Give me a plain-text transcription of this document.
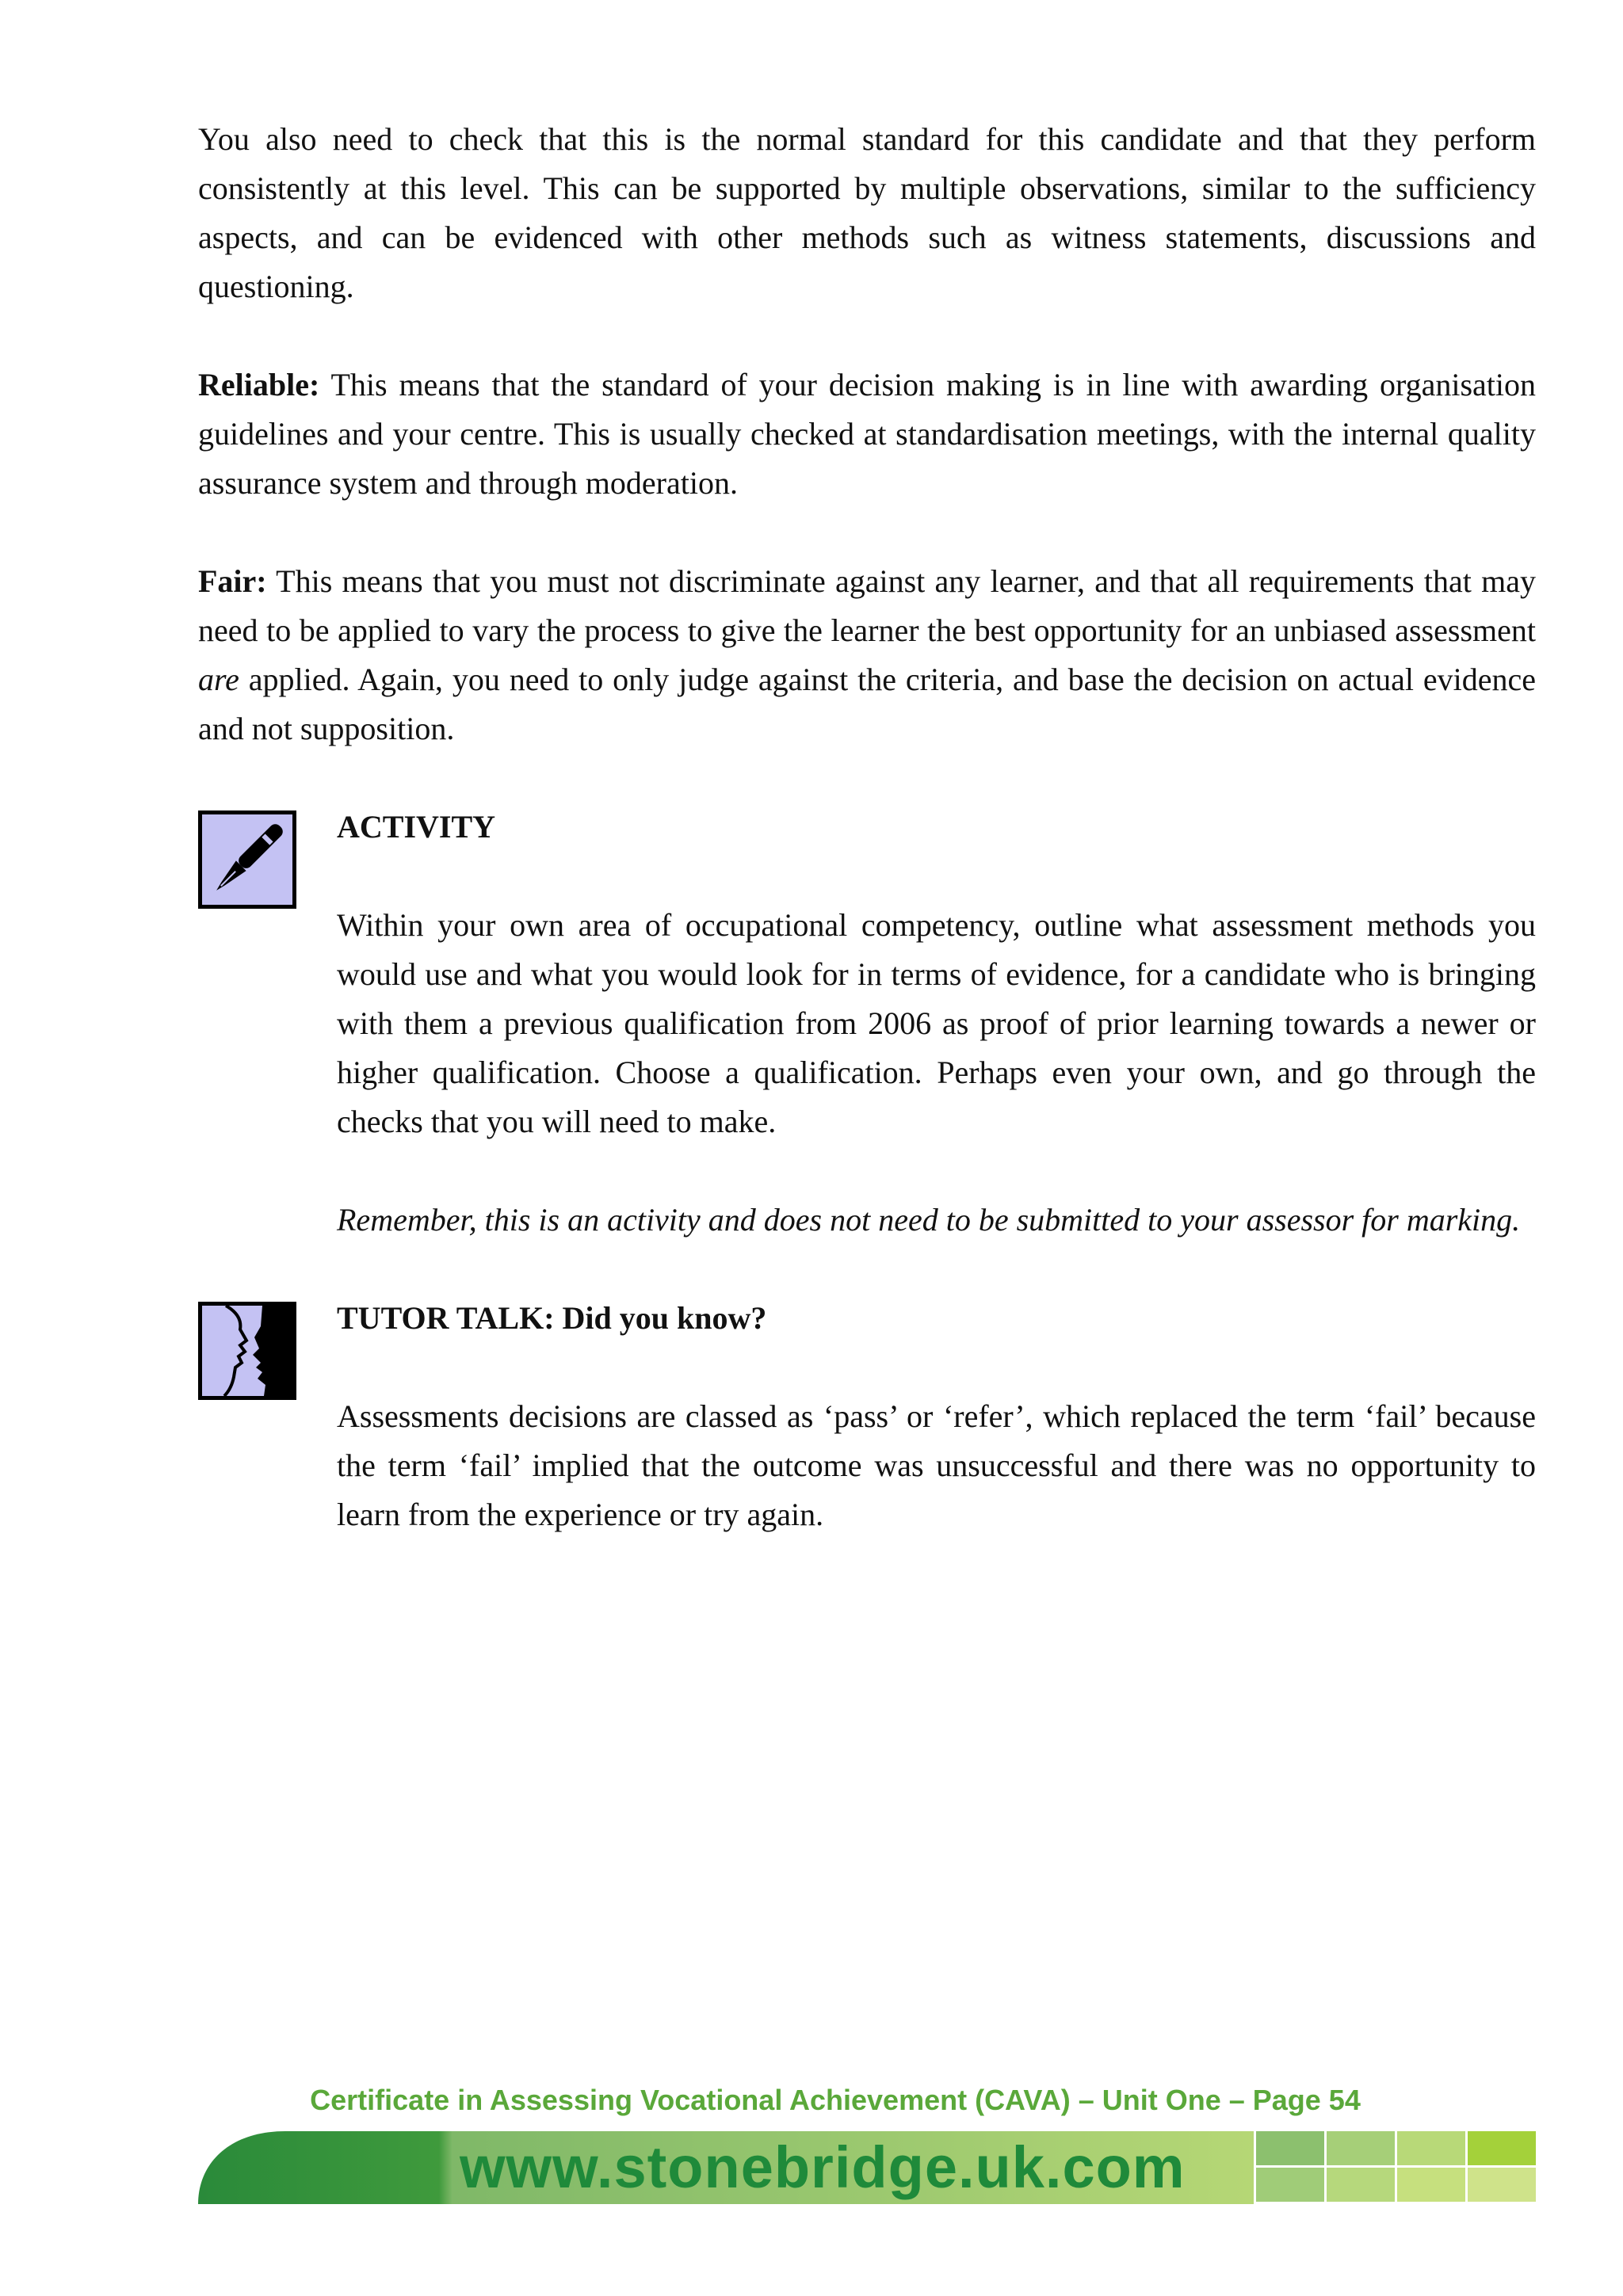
You also need to check that this is the normal standard for this candidate and that they perform consistently at this level. This can be supported by multiple observations, similar to the sufficiency aspects, and can be evidenced with other methods such as witness statements, discussions and questioning.

Reliable: This means that the standard of your decision making is in line with awarding organisation guidelines and your centre. This is usually checked at standardisation meetings, with the internal quality assurance system and through moderation.

Fair: This means that you must not discriminate against any learner, and that all requirements that may need to be applied to vary the process to give the learner the best opportunity for an unbiased assessment are applied. Again, you need to only judge against the criteria, and base the decision on actual evidence and not supposition.

ACTIVITY

Within your own area of occupational competency, outline what assessment methods you would use and what you would look for in terms of evidence, for a candidate who is bringing with them a previous qualification from 2006 as proof of prior learning towards a newer or higher qualification. Choose a qualification. Perhaps even your own, and go through the checks that you will need to make.

Remember, this is an activity and does not need to be submitted to your assessor for marking.

TUTOR TALK: Did you know?

Assessments decisions are classed as ‘pass’ or ‘refer’, which replaced the term ‘fail’ because the term ‘fail’ implied that the outcome was unsuccessful and there was no opportunity to learn from the experience or try again.

Certificate in Assessing Vocational Achievement (CAVA) – Unit One – Page 54
www.stonebridge.uk.com
